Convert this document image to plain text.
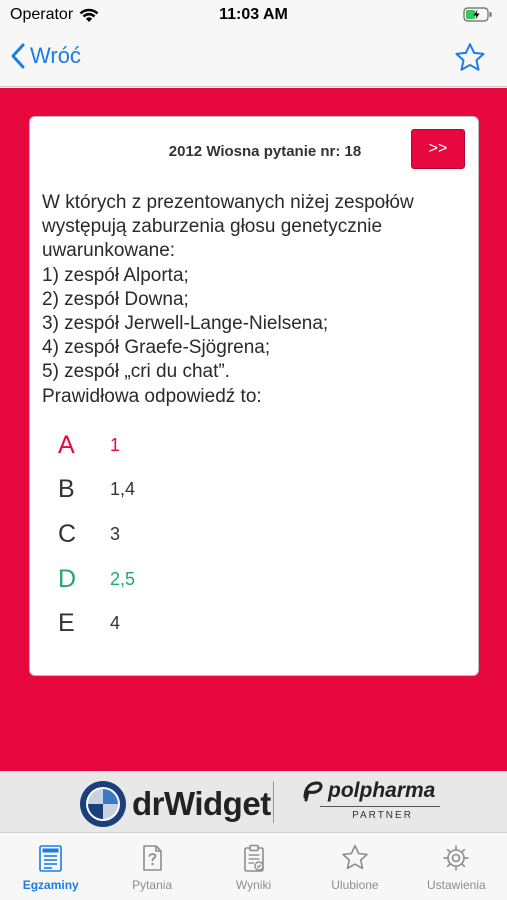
Operator	11:03 AM
Wróć
2012 Wiosna pytanie nr: 18	>>
W których z prezentowanych niżej zespołów występują zaburzenia głosu genetycznie uwarunkowane:
1) zespół Alporta;
2) zespół Downa;
3) zespół Jerwell-Lange-Nielsena;
4) zespół Graefe-Sjögrena;
5) zespół „cri du chat”.
Prawidłowa odpowiedź to:
A	1
B	1,4
C	3
D	2,5
E	4
drWidget	polpharma
PARTNER
Egzaminy	Pytania	Wyniki	Ulubione	Ustawienia
